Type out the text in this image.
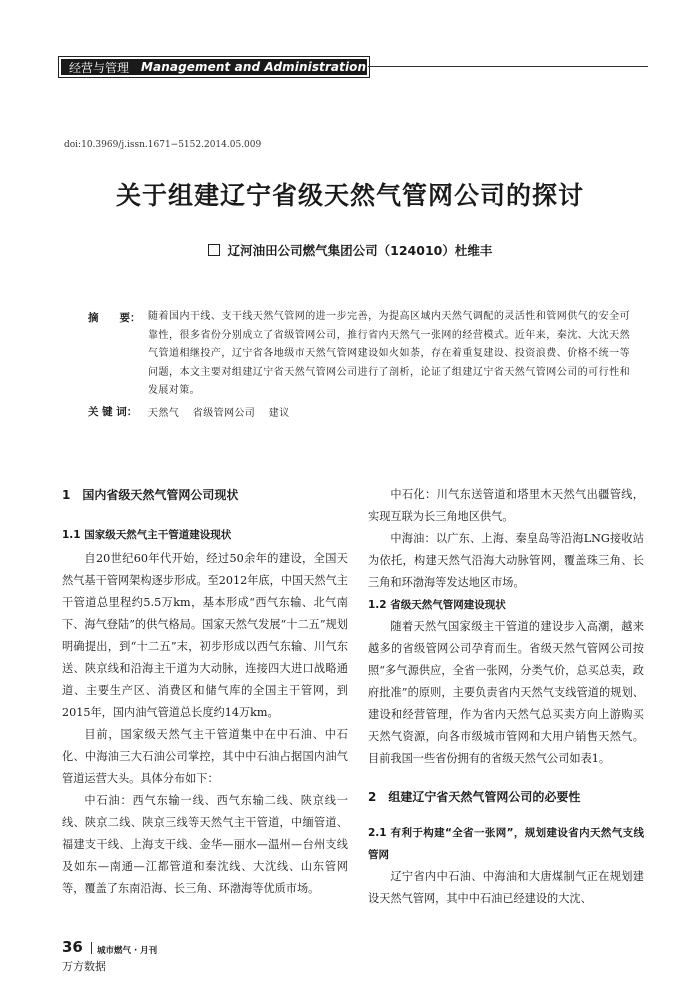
经营与管理 Management and Administration
doi:10.3969/j.issn.1671−5152.2014.05.009
关于组建辽宁省级天然气管网公司的探讨
辽河油田公司燃气集团公司（124010）杜维丰
摘　　要： 随着国内干线、支干线天然气管网的进一步完善，为提高区域内天然气调配的灵活性和管网供气的安全可靠性，很多省份分别成立了省级管网公司，推行省内天然气一张网的经营模式。近年来，秦沈、大沈天然气管道相继投产，辽宁省各地级市天然气管网建设如火如荼，存在着重复建设、投资浪费、价格不统一等问题，本文主要对组建辽宁省天然气管网公司进行了剖析，论证了组建辽宁省天然气管网公司的可行性和发展对策。
关 键 词： 天然气 省级管网公司 建议

1　国内省级天然气管网公司现状

1.1 国家级天然气主干管道建设现状

自20世纪60年代开始，经过50余年的建设，全国天然气基干管网架构逐步形成。至2012年底，中国天然气主干管道总里程约5.5万km，基本形成“西气东输、北气南下、海气登陆”的供气格局。国家天然气发展“十二五”规划明确提出，到“十二五”末，初步形成以西气东输、川气东送、陕京线和沿海主干道为大动脉，连接四大进口战略通道、主要生产区、消费区和储气库的全国主干管网，到2015年，国内油气管道总长度约14万km。

目前，国家级天然气主干管道集中在中石油、中石化、中海油三大石油公司掌控，其中中石油占据国内油气管道运营大头。具体分布如下：

中石油：西气东输一线、西气东输二线、陕京线一线、陕京二线、陕京三线等天然气主干管道，中缅管道、福建支干线、上海支干线、金华—丽水—温州—台州支线及如东—南通—江都管道和秦沈线、大沈线、山东管网等，覆盖了东南沿海、长三角、环渤海等优质市场。

中石化：川气东送管道和塔里木天然气出疆管线，实现互联为长三角地区供气。

中海油：以广东、上海、秦皇岛等沿海LNG接收站为依托，构建天然气沿海大动脉管网，覆盖珠三角、长三角和环渤海等发达地区市场。

1.2 省级天然气管网建设现状

随着天然气国家级主干管道的建设步入高潮，越来越多的省级管网公司孕育而生。省级天然气管网公司按照“多气源供应，全省一张网，分类气价，总买总卖，政府批准”的原则，主要负责省内天然气支线管道的规划、建设和经营管理，作为省内天然气总买卖方向上游购买天然气资源，向各市级城市管网和大用户销售天然气。目前我国一些省份拥有的省级天然气公司如表1。

2　组建辽宁省天然气管网公司的必要性

2.1 有利于构建“全省一张网”，规划建设省内天然气支线管网

辽宁省内中石油、中海油和大唐煤制气正在规划建设天然气管网，其中中石油已经建设的大沈、

36 城市燃气 · 月刊
万方数据
